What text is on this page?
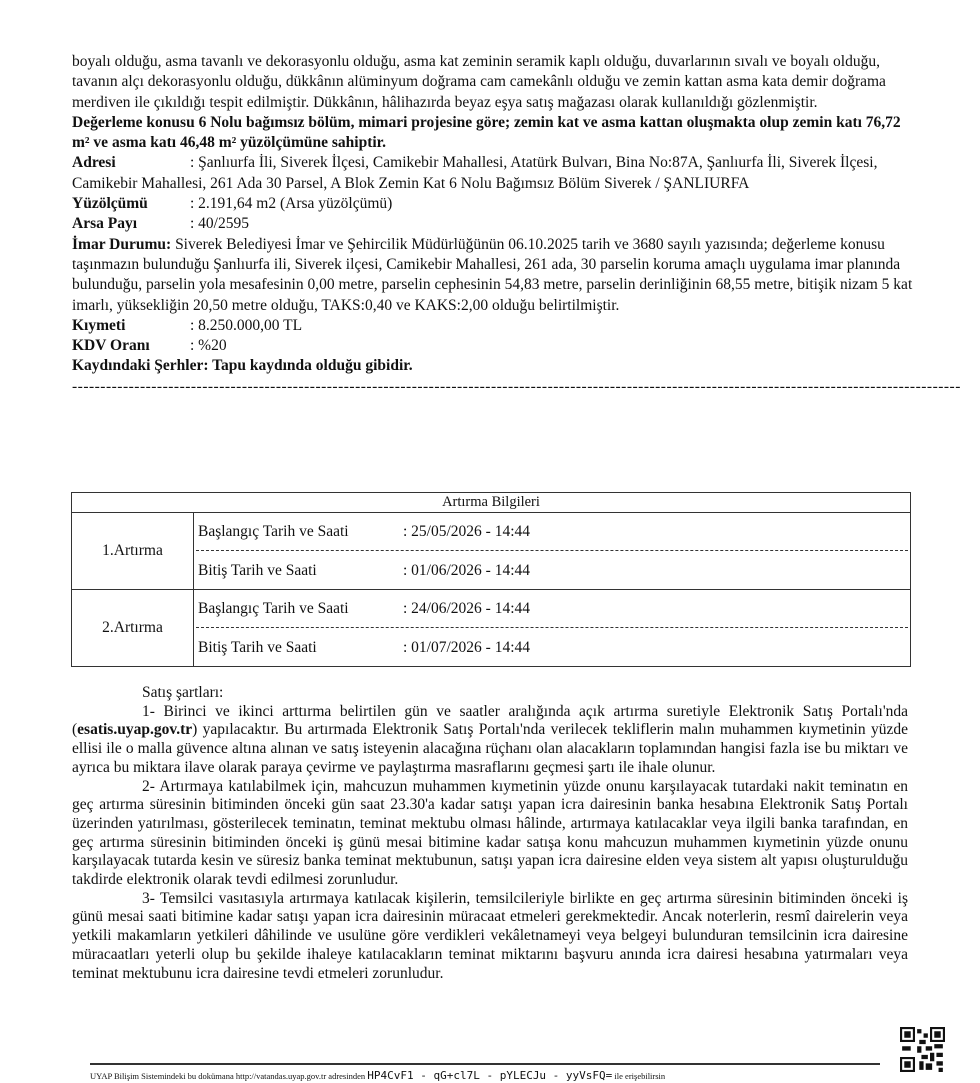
boyalı olduğu, asma tavanlı ve dekorasyonlu olduğu, asma kat zeminin seramik kaplı olduğu, duvarlarının sıvalı ve boyalı olduğu, tavanın alçı dekorasyonlu olduğu, dükkânın alüminyum doğrama cam camekânlı olduğu ve zemin kattan asma kata demir doğrama merdiven ile çıkıldığı tespit edilmiştir. Dükkânın, hâlihazırda beyaz eşya satış mağazası olarak kullanıldığı gözlenmiştir.

Değerleme konusu 6 Nolu bağımsız bölüm, mimari projesine göre; zemin kat ve asma kattan oluşmakta olup zemin katı 76,72 m² ve asma katı 46,48 m² yüzölçümüne sahiptir.

Adresi	: Şanlıurfa İli, Siverek İlçesi, Camikebir Mahallesi, Atatürk Bulvarı, Bina No:87A, Şanlıurfa İli, Siverek İlçesi, Camikebir Mahallesi, 261 Ada 30 Parsel, A Blok Zemin Kat 6 Nolu Bağımsız Bölüm Siverek / ŞANLIURFA

Yüzölçümü	: 2.191,64 m2 (Arsa yüzölçümü)

Arsa Payı	: 40/2595

İmar Durumu: Siverek Belediyesi İmar ve Şehircilik Müdürlüğünün 06.10.2025 tarih ve 3680 sayılı yazısında; değerleme konusu taşınmazın bulunduğu Şanlıurfa ili, Siverek ilçesi, Camikebir Mahallesi, 261 ada, 30 parselin koruma amaçlı uygulama imar planında bulunduğu, parselin yola mesafesinin 0,00 metre, parselin cephesinin 54,83 metre, parselin derinliğinin 68,55 metre, bitişik nizam 5 kat imarlı, yüksekliğin 20,50 metre olduğu, TAKS:0,40 ve KAKS:2,00 olduğu belirtilmiştir.

Kıymeti	: 8.250.000,00 TL

KDV Oranı	: %20

Kaydındaki Şerhler: Tapu kaydında olduğu gibidir.

-------------------------------------------------------------------------------------------------------------------------------------------------------------

Artırma Bilgileri	
1.Artırma	Başlangıç Tarih ve Saati : 25/05/2026 - 14:44
Bitiş Tarih ve Saati : 01/06/2026 - 14:44

2.Artırma	Başlangıç Tarih ve Saati : 24/06/2026 - 14:44
Bitiş Tarih ve Saati : 01/07/2026 - 14:44

Satış şartları:

1- Birinci ve ikinci arttırma belirtilen gün ve saatler aralığında açık artırma suretiyle Elektronik Satış Portalı'nda (esatis.uyap.gov.tr) yapılacaktır. Bu artırmada Elektronik Satış Portalı'nda verilecek tekliflerin malın muhammen kıymetinin yüzde ellisi ile o malla güvence altına alınan ve satış isteyenin alacağına rüçhanı olan alacakların toplamından hangisi fazla ise bu miktarı ve ayrıca bu miktara ilave olarak paraya çevirme ve paylaştırma masraflarını geçmesi şartı ile ihale olunur.

2- Artırmaya katılabilmek için, mahcuzun muhammen kıymetinin yüzde onunu karşılayacak tutardaki nakit teminatın en geç artırma süresinin bitiminden önceki gün saat 23.30'a kadar satışı yapan icra dairesinin banka hesabına Elektronik Satış Portalı üzerinden yatırılması, gösterilecek teminatın, teminat mektubu olması hâlinde, artırmaya katılacaklar veya ilgili banka tarafından, en geç artırma süresinin bitiminden önceki iş günü mesai bitimine kadar satışa konu mahcuzun muhammen kıymetinin yüzde onunu karşılayacak tutarda kesin ve süresiz banka teminat mektubunun, satışı yapan icra dairesine elden veya sistem alt yapısı oluşturulduğu takdirde elektronik olarak tevdi edilmesi zorunludur.

3- Temsilci vasıtasıyla artırmaya katılacak kişilerin, temsilcileriyle birlikte en geç artırma süresinin bitiminden önceki iş günü mesai saati bitimine kadar satışı yapan icra dairesinin müracaat etmeleri gerekmektedir. Ancak noterlerin, resmî dairelerin veya yetkili makamların yetkileri dâhilinde ve usulüne göre verdikleri vekâletnameyi veya belgeyi bulunduran temsilcinin icra dairesine müracaatları yeterli olup bu şekilde ihaleye katılacakların teminat miktarını başvuru anında icra dairesi hesabına yatırmaları veya teminat mektubunu icra dairesine tevdi etmeleri zorunludur.

UYAP Bilişim Sistemindeki bu dokümana http://vatandas.uyap.gov.tr adresinden HP4CvF1 - qG+cl7L - pYLECJu - yyVsFQ= ile erişebilirsin
